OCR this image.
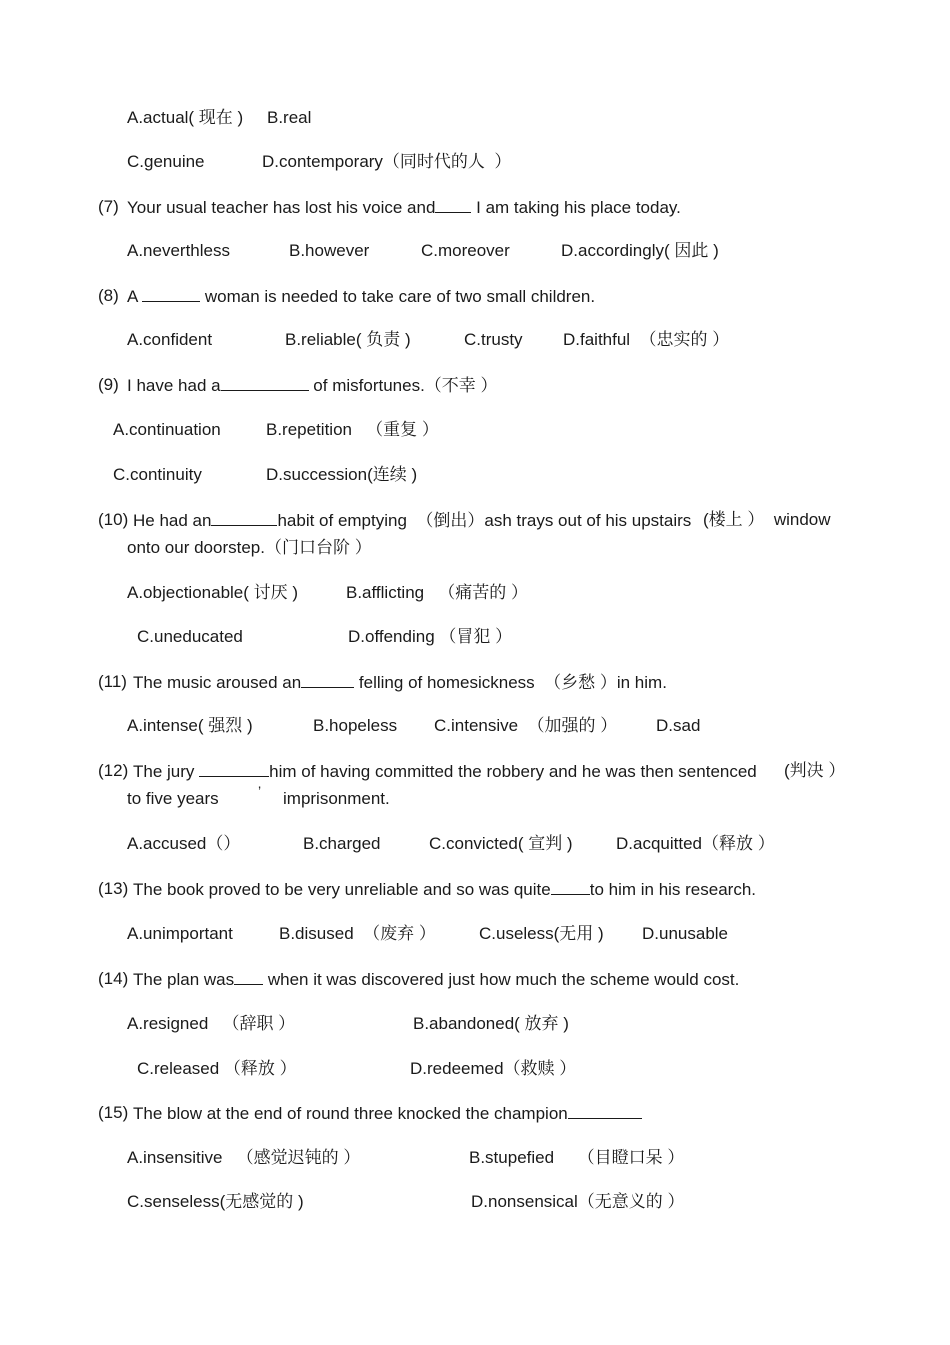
A.actual( 现在 ) B.real
C.genuine	D.contemporary（同时代的人  ）
(7) Your usual teacher has lost his voice and I am taking his place today.
A.neverthless	B.however	C.moreover	D.accordingly( 因此 )
(8) A	woman is needed to take care of two small children.
A.confident	B.reliable( 负责 )	C.trusty D.faithful  （忠实的 ）
(9) I have had a	of misfortunes.（不幸 ）
A.continuation	B.repetition   （重复 ）
C.continuity	D.succession(连续 )
(10) He had an	habit of emptying  （倒出）ash trays out of his upstairs (楼上 ）  window
onto our doorstep.（门口台阶 ）
A.objectionable( 讨厌 )	B.afflicting   （痛苦的 ）
C.uneducated	D.offending （冒犯 ）
(11) The music aroused an	felling of homesickness  （乡愁 ）in him.
A.intense( 强烈 )	B.hopeless C.intensive  （加强的 ） D.sad
(12) The jury	him of having committed the robbery and he was then sentenced (判决 ）
to five years	’ imprisonment.
A.accused（）	B.charged	C.convicted( 宣判 )	D.acquitted（释放 ）
(13) The book proved to be very unreliable and so was quite to him in his research.
A.unimportant	B.disused  （废弃 ）	C.useless(无用 ) D.unusable
(14) The plan was when it was discovered just how much the scheme would cost.
A.resigned   （辞职 ）	B.abandoned( 放弃 )
C.released （释放 ）	D.redeemed（救赎 ）
(15) The blow at the end of round three knocked the champion
A.insensitive   （感觉迟钝的 ）	B.stupefied     （目瞪口呆 ）
C.senseless(无感觉的 )	D.nonsensical（无意义的 ）
